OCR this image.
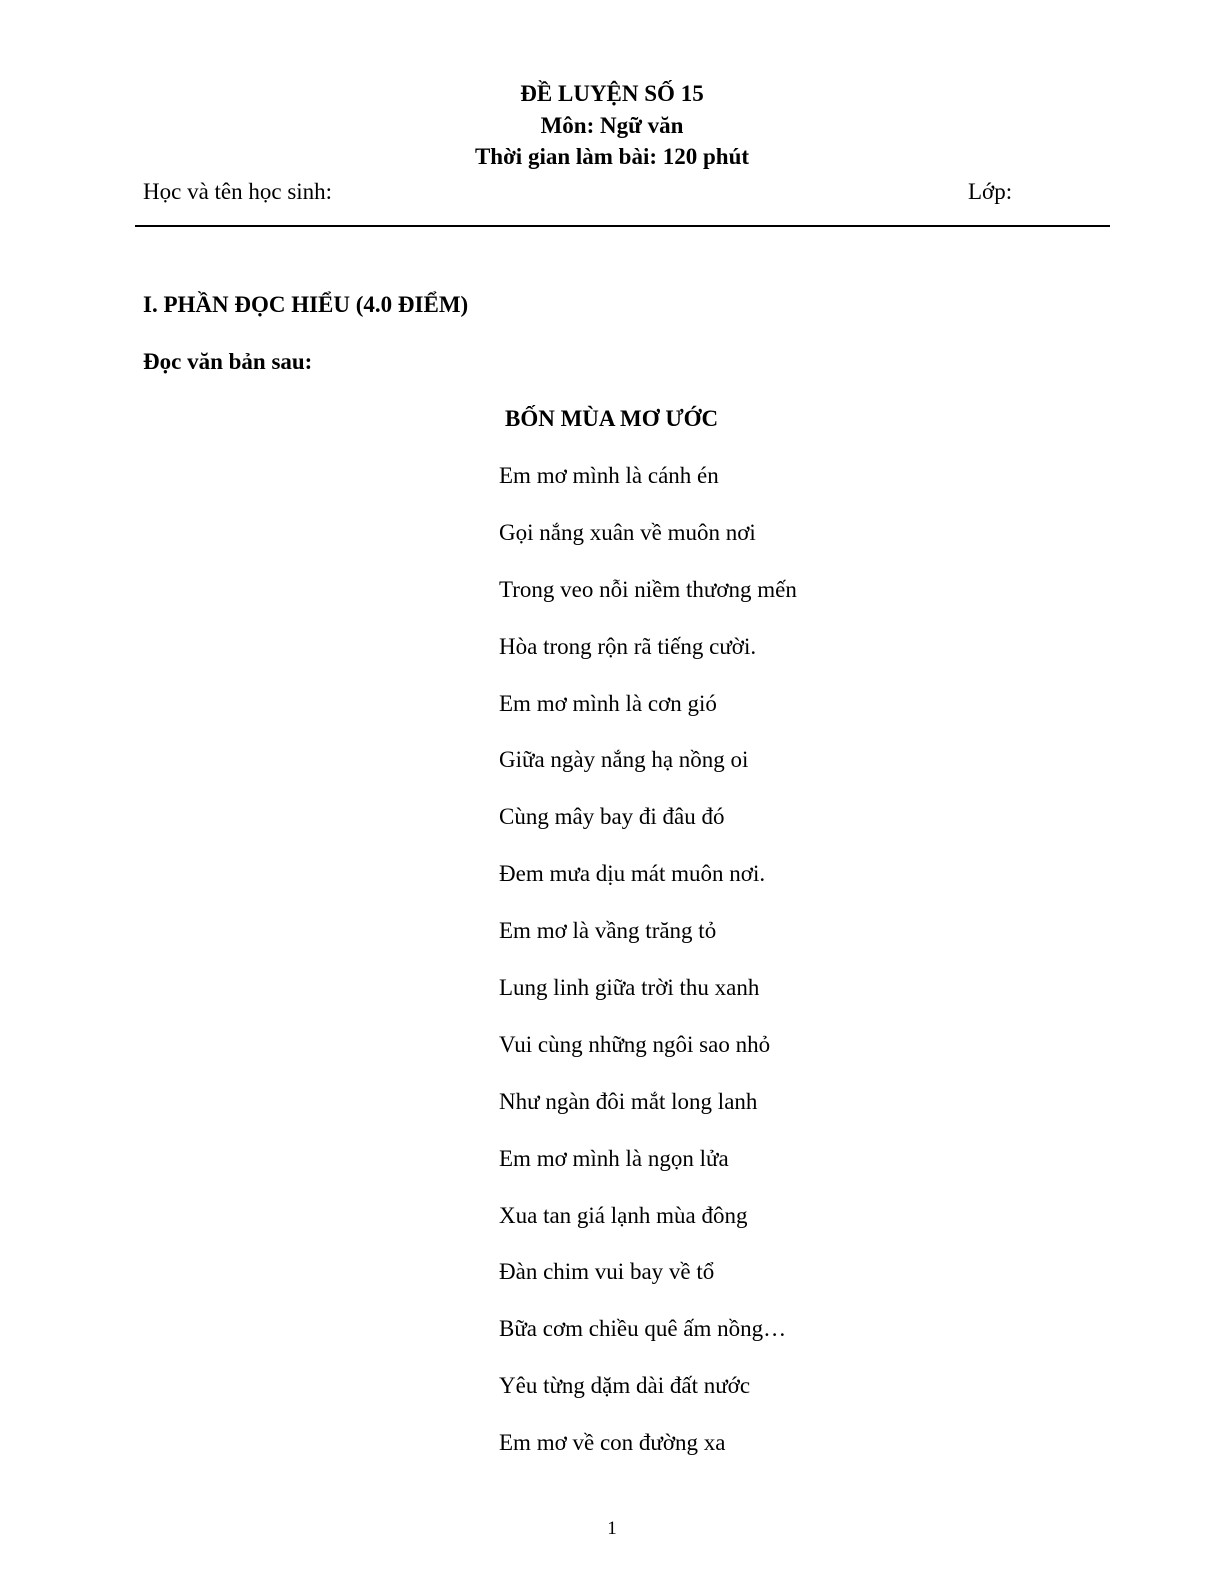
ĐỀ LUYỆN SỐ 15
Môn: Ngữ văn
Thời gian làm bài: 120 phút
Học và tên học sinh:	Lớp:
I. PHẦN ĐỌC HIỂU (4.0 ĐIỂM)
Đọc văn bản sau:
BỐN MÙA MƠ ƯỚC
Em mơ mình là cánh én
Gọi nắng xuân về muôn nơi
Trong veo nỗi niềm thương mến
Hòa trong rộn rã tiếng cười.
Em mơ mình là cơn gió
Giữa ngày nắng hạ nồng oi
Cùng mây bay đi đâu đó
Đem mưa dịu mát muôn nơi.
Em mơ là vầng trăng tỏ
Lung linh giữa trời thu xanh
Vui cùng những ngôi sao nhỏ
Như ngàn đôi mắt long lanh
Em mơ mình là ngọn lửa
Xua tan giá lạnh mùa đông
Đàn chim vui bay về tổ
Bữa cơm chiều quê ấm nồng…
Yêu từng dặm dài đất nước
Em mơ về con đường xa
1
